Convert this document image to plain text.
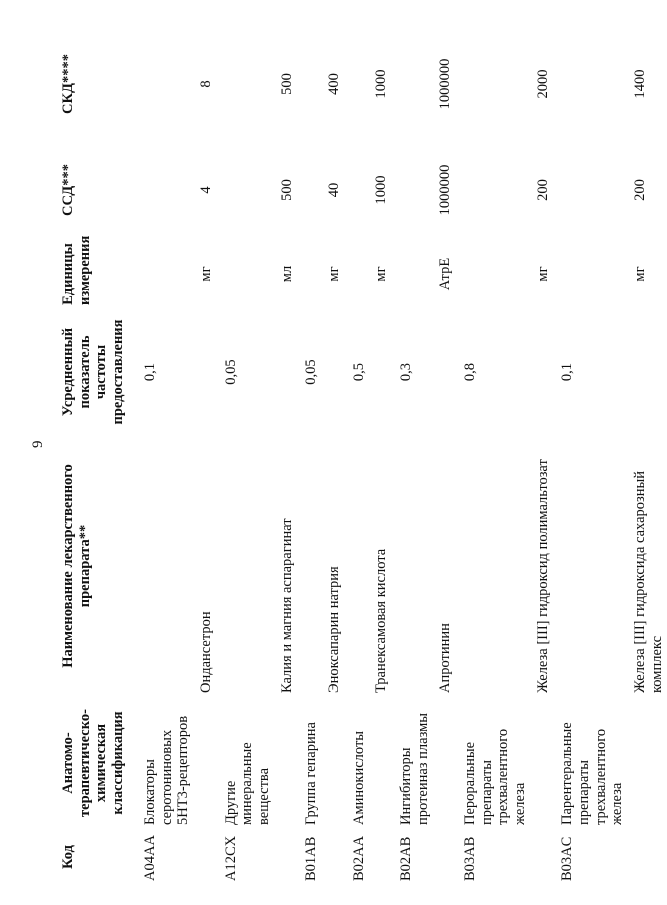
9
Код	Анатомо-терапевтическо-химическая классификация	Наименование лекарственного препарата**	Усредненный показатель частоты предоставления	Единицы измерения	ССД***	СКД****
A04AA	Блокаторы серотониновых 5HT3-рецепторов		0,1			
		Ондансетрон		мг	4	8
A12CX	Другие минеральные вещества		0,05			
		Калия и магния аспарагинат		мл	500	500
B01AB	Группа гепарина		0,05			
		Эноксапарин натрия		мг	40	400
B02AA	Аминокислоты		0,5			
		Транексамовая кислота		мг	1000	1000
B02AB	Ингибиторы протеиназ плазмы		0,3			
		Апротинин		АтрЕ	1000000	1000000
B03AB	Пероральные препараты трехвалентного железа		0,8			
		Железа [III] гидроксид полимальтозат		мг	200	2000
B03AC	Парентеральные препараты трехвалентного железа		0,1			
		Железа [III] гидроксида сахарозный комплекс		мг	200	1400
